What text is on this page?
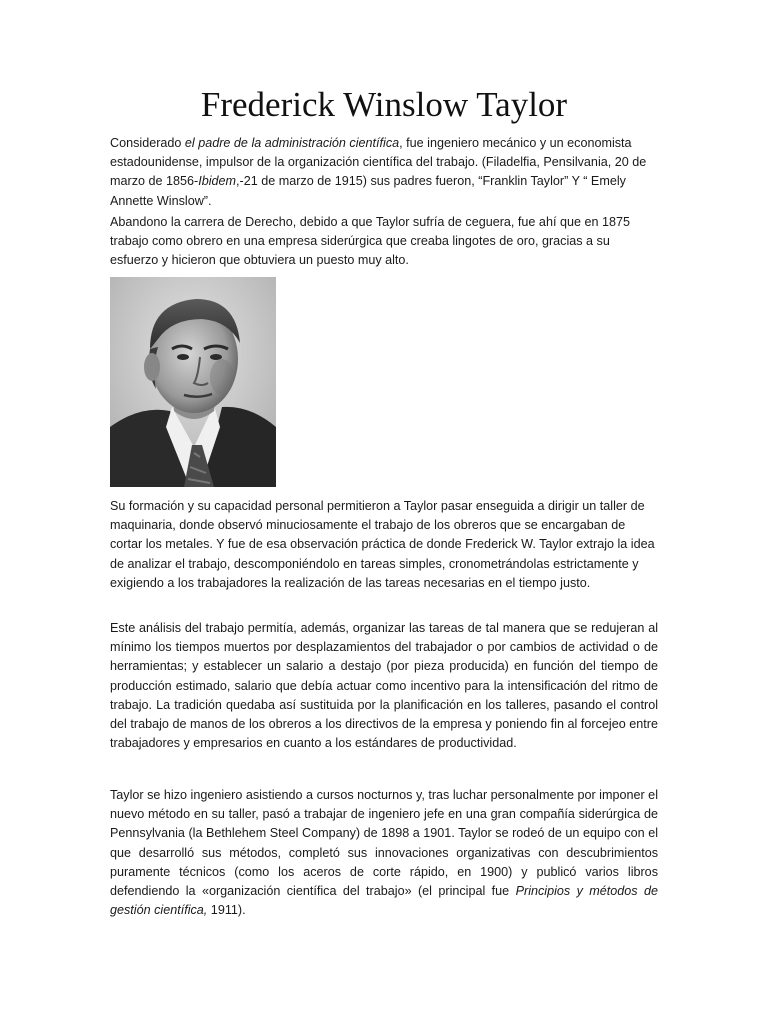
Frederick Winslow Taylor

Considerado el padre de la administración científica, fue ingeniero mecánico y un economista estadounidense, impulsor de la organización científica del trabajo. (Filadelfia, Pensilvania, 20 de marzo de 1856-Ibidem,-21 de marzo de 1915) sus padres fueron, “Franklin Taylor” Y “ Emely Annette Winslow”.

Abandono la carrera de Derecho, debido a que Taylor sufría de ceguera, fue ahí que en 1875 trabajo como obrero en una empresa siderúrgica que creaba lingotes de oro, gracias a su esfuerzo y hicieron que obtuviera un puesto muy alto.

Su formación y su capacidad personal permitieron a Taylor pasar enseguida a dirigir un taller de maquinaria, donde observó minuciosamente el trabajo de los obreros que se encargaban de cortar los metales. Y fue de esa observación práctica de donde Frederick W. Taylor extrajo la idea de analizar el trabajo, descomponiéndolo en tareas simples, cronometrándolas estrictamente y exigiendo a los trabajadores la realización de las tareas necesarias en el tiempo justo.

Este análisis del trabajo permitía, además, organizar las tareas de tal manera que se redujeran al mínimo los tiempos muertos por desplazamientos del trabajador o por cambios de actividad o de herramientas; y establecer un salario a destajo (por pieza producida) en función del tiempo de producción estimado, salario que debía actuar como incentivo para la intensificación del ritmo de trabajo. La tradición quedaba así sustituida por la planificación en los talleres, pasando el control del trabajo de manos de los obreros a los directivos de la empresa y poniendo fin al forcejeo entre trabajadores y empresarios en cuanto a los estándares de productividad.

Taylor se hizo ingeniero asistiendo a cursos nocturnos y, tras luchar personalmente por imponer el nuevo método en su taller, pasó a trabajar de ingeniero jefe en una gran compañía siderúrgica de Pennsylvania (la Bethlehem Steel Company) de 1898 a 1901. Taylor se rodeó de un equipo con el que desarrolló sus métodos, completó sus innovaciones organizativas con descubrimientos puramente técnicos (como los aceros de corte rápido, en 1900) y publicó varios libros defendiendo la «organización científica del trabajo» (el principal fue Principios y métodos de gestión científica, 1911).
